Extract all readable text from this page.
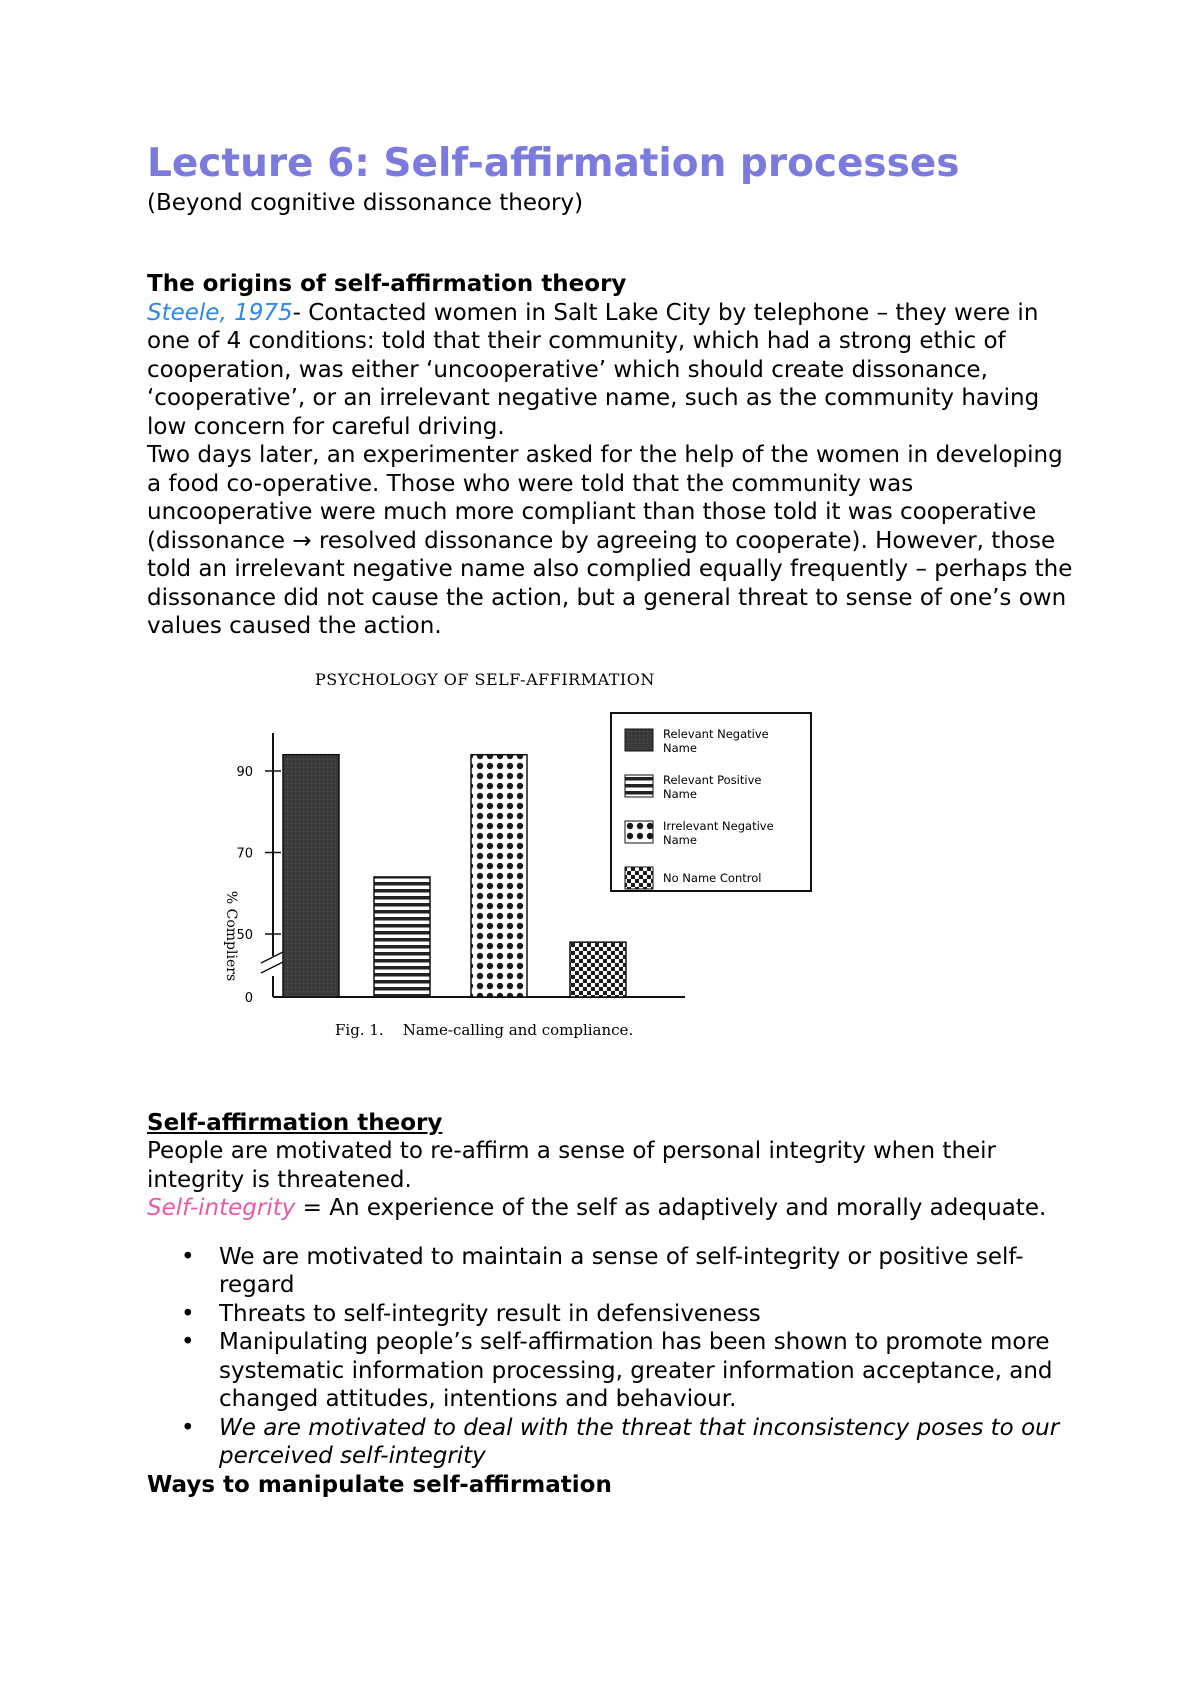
Lecture 6: Self-affirmation processes

(Beyond cognitive dissonance theory)

The origins of self-affirmation theory

Steele, 1975- Contacted women in Salt Lake City by telephone – they were in one of 4 conditions: told that their community, which had a strong ethic of cooperation, was either ‘uncooperative’ which should create dissonance, ‘cooperative’, or an irrelevant negative name, such as the community having low concern for careful driving.

Two days later, an experimenter asked for the help of the women in developing a food co-operative. Those who were told that the community was uncooperative were much more compliant than those told it was cooperative (dissonance → resolved dissonance by agreeing to cooperate). However, those told an irrelevant negative name also complied equally frequently – perhaps the dissonance did not cause the action, but a general threat to sense of one’s own values caused the action.

PSYCHOLOGY OF SELF-AFFIRMATION
0
50
70
90
Relevant Negative Name
Relevant Positive Name
Irrelevant Negative Name
No Name Control
% Compliers
Fig. 1.    Name-calling and compliance.

Self-affirmation theory

People are motivated to re-affirm a sense of personal integrity when their integrity is threatened.

Self-integrity = An experience of the self as adaptively and morally adequate.

• We are motivated to maintain a sense of self-integrity or positive self-regard
• Threats to self-integrity result in defensiveness
• Manipulating people’s self-affirmation has been shown to promote more systematic information processing, greater information acceptance, and changed attitudes, intentions and behaviour.
• We are motivated to deal with the threat that inconsistency poses to our perceived self-integrity

Ways to manipulate self-affirmation
